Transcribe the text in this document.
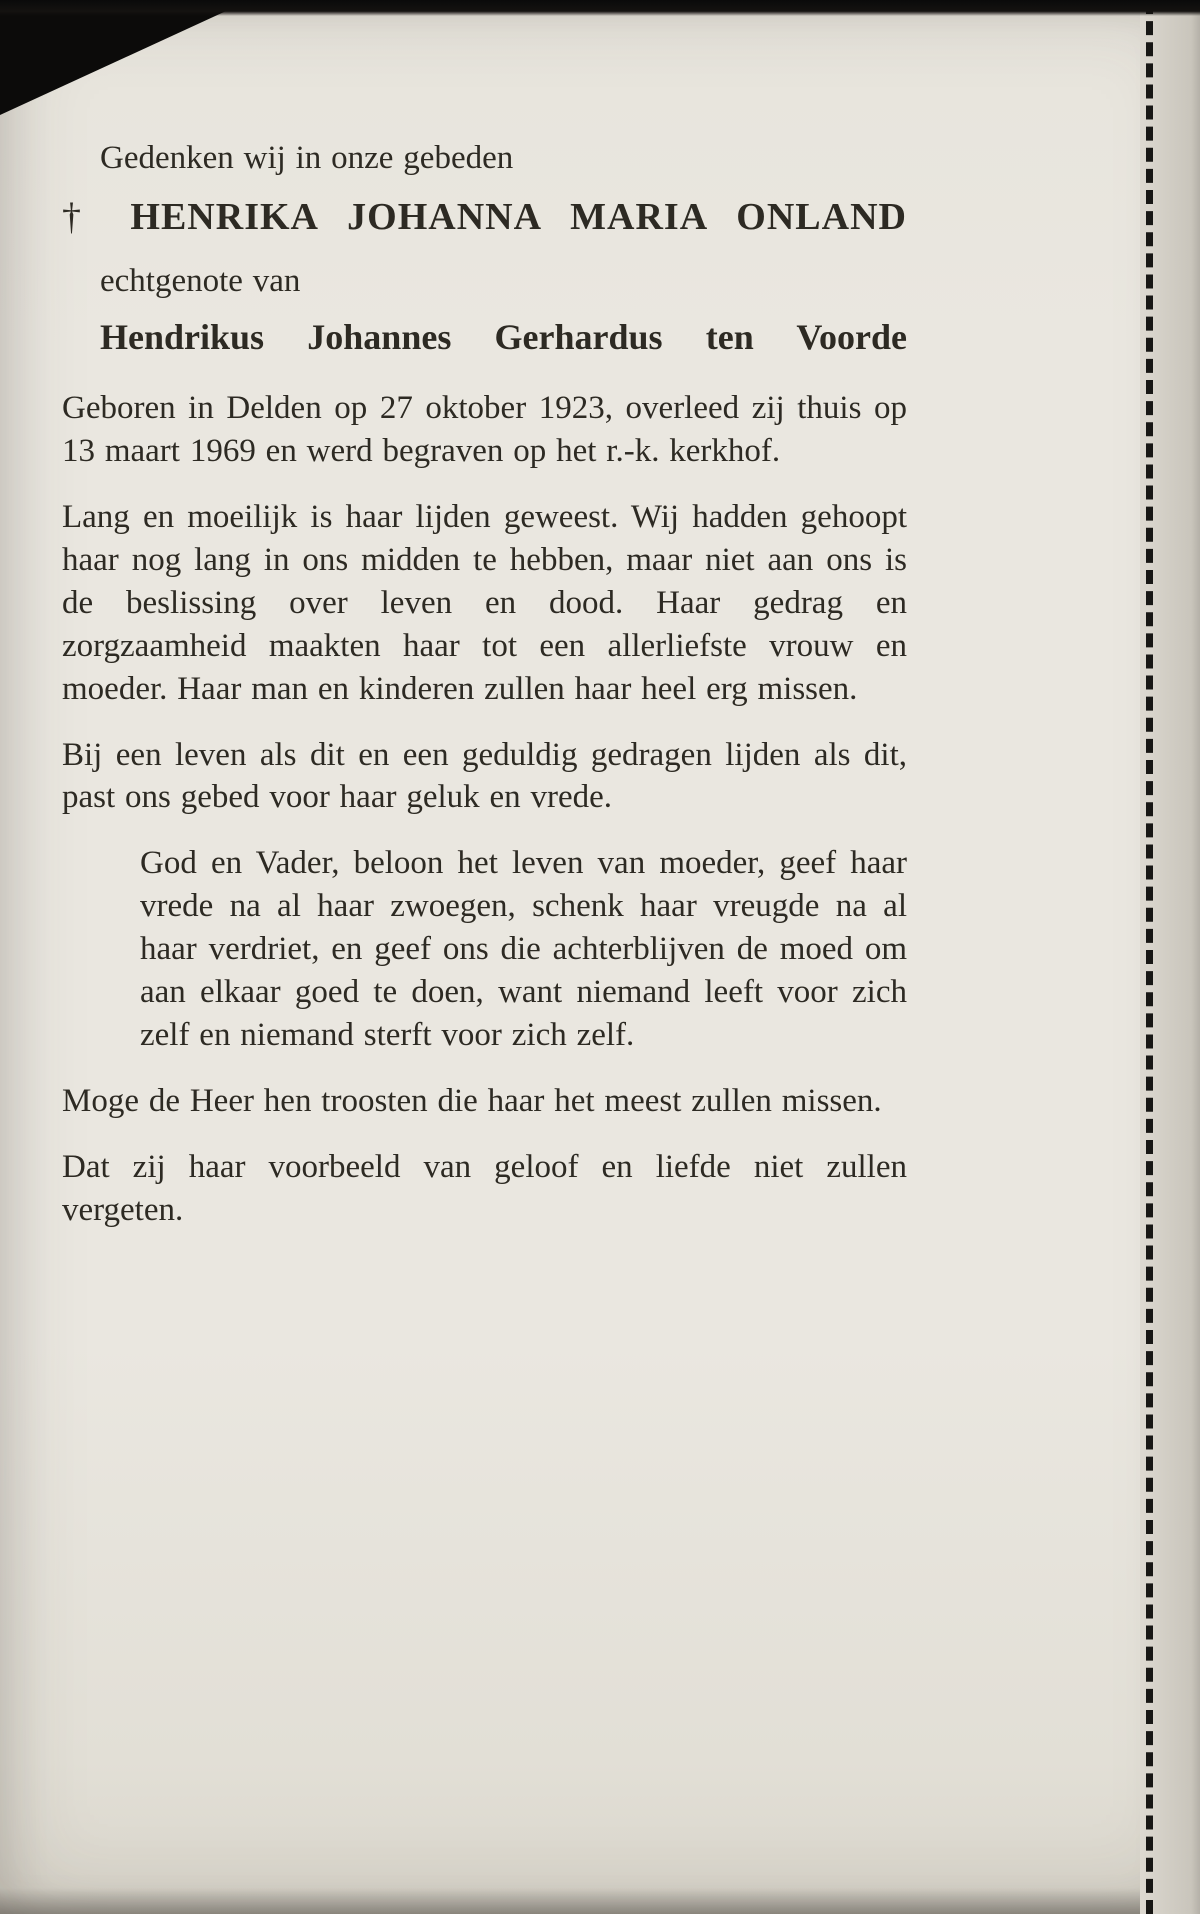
Gedenken wij in onze gebeden

† HENRIKA JOHANNA MARIA ONLAND

echtgenote van

Hendrikus Johannes Gerhardus ten Voorde

Geboren in Delden op 27 oktober 1923, overleed zij thuis op 13 maart 1969 en werd begraven op het r.-k. kerkhof.

Lang en moeilijk is haar lijden geweest. Wij hadden gehoopt haar nog lang in ons midden te hebben, maar niet aan ons is de beslissing over leven en dood. Haar gedrag en zorgzaamheid maakten haar tot een allerliefste vrouw en moeder. Haar man en kinderen zullen haar heel erg missen.

Bij een leven als dit en een geduldig gedragen lijden als dit, past ons gebed voor haar geluk en vrede.

God en Vader, beloon het leven van moeder, geef haar vrede na al haar zwoegen, schenk haar vreugde na al haar verdriet, en geef ons die achterblijven de moed om aan elkaar goed te doen, want niemand leeft voor zich zelf en niemand sterft voor zich zelf.

Moge de Heer hen troosten die haar het meest zullen missen.

Dat zij haar voorbeeld van geloof en liefde niet zullen vergeten.
